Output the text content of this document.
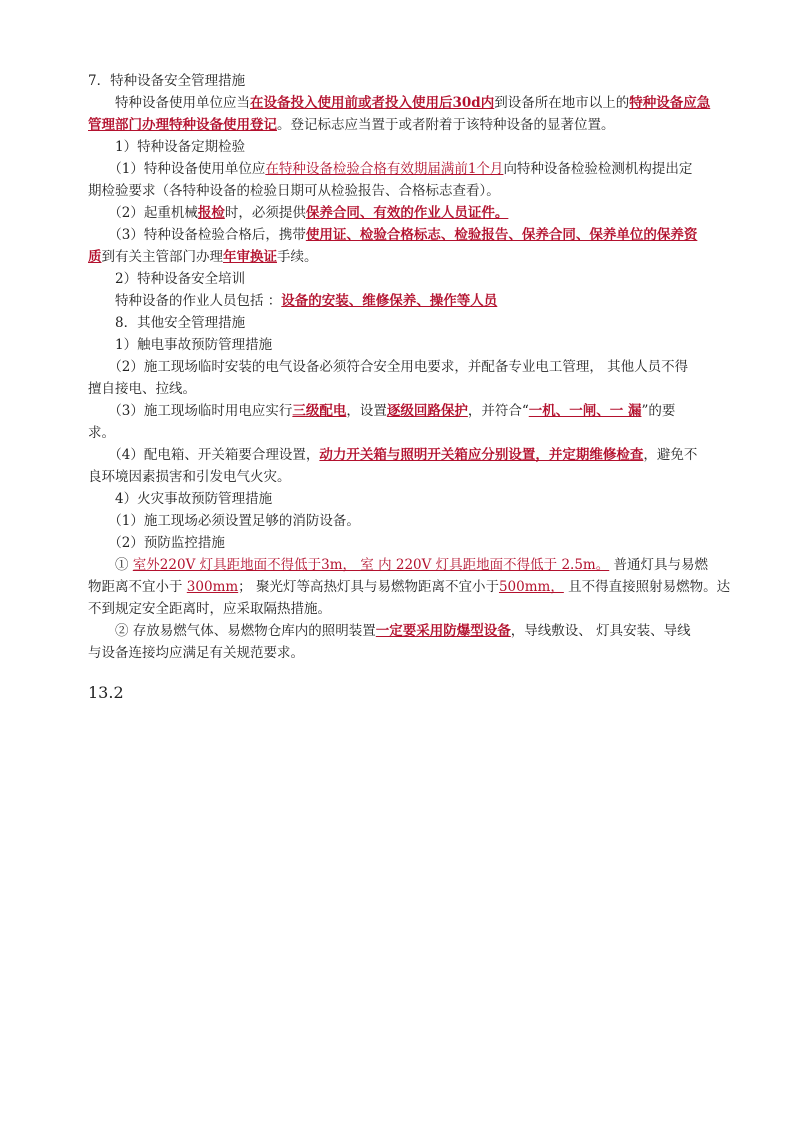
7．特种设备安全管理措施

　　特种设备使用单位应当在设备投入使用前或者投入使用后30d内到设备所在地市以上的特种设备应急

管理部门办理特种设备使用登记。登记标志应当置于或者附着于该特种设备的显著位置。

　　1）特种设备定期检验

　　（1）特种设备使用单位应在特种设备检验合格有效期届满前1个月向特种设备检验检测机构提出定

期检验要求（各特种设备的检验日期可从检验报告、合格标志查看）。

　　（2）起重机械报检时，必须提供保养合同、有效的作业人员证件。

　　（3）特种设备检验合格后，携带使用证、检验合格标志、检验报告、保养合同、保养单位的保养资

质到有关主管部门办理年审换证手续。

　　2）特种设备安全培训

　　特种设备的作业人员包括 ：设备的安装、维修保养、操作等人员

　　8．其他安全管理措施

　　1）触电事故预防管理措施

　　（2）施工现场临时安装的电气设备必须符合安全用电要求，并配备专业电工管理， 其他人员不得

擅自接电、拉线。

　　（3）施工现场临时用电应实行三级配电，设置逐级回路保护，并符合“一机、一闸、一 漏”的要

求。

　　（4）配电箱、开关箱要合理设置，动力开关箱与照明开关箱应分别设置，并定期维修检查，避免不

良环境因素损害和引发电气火灾。

　　4）火灾事故预防管理措施

　　（1）施工现场必须设置足够的消防设备。

　　（2）预防监控措施

　　① 室外220V 灯具距地面不得低于3m， 室 内 220V 灯具距地面不得低于 2.5m。 普通灯具与易燃

物距离不宜小于 300mm； 聚光灯等高热灯具与易燃物距离不宜小于500mm， 且不得直接照射易燃物。达

不到规定安全距离时，应采取隔热措施。

　　② 存放易燃气体、易燃物仓库内的照明装置一定要采用防爆型设备，导线敷设、 灯具安装、导线

与设备连接均应满足有关规范要求。

13.2
